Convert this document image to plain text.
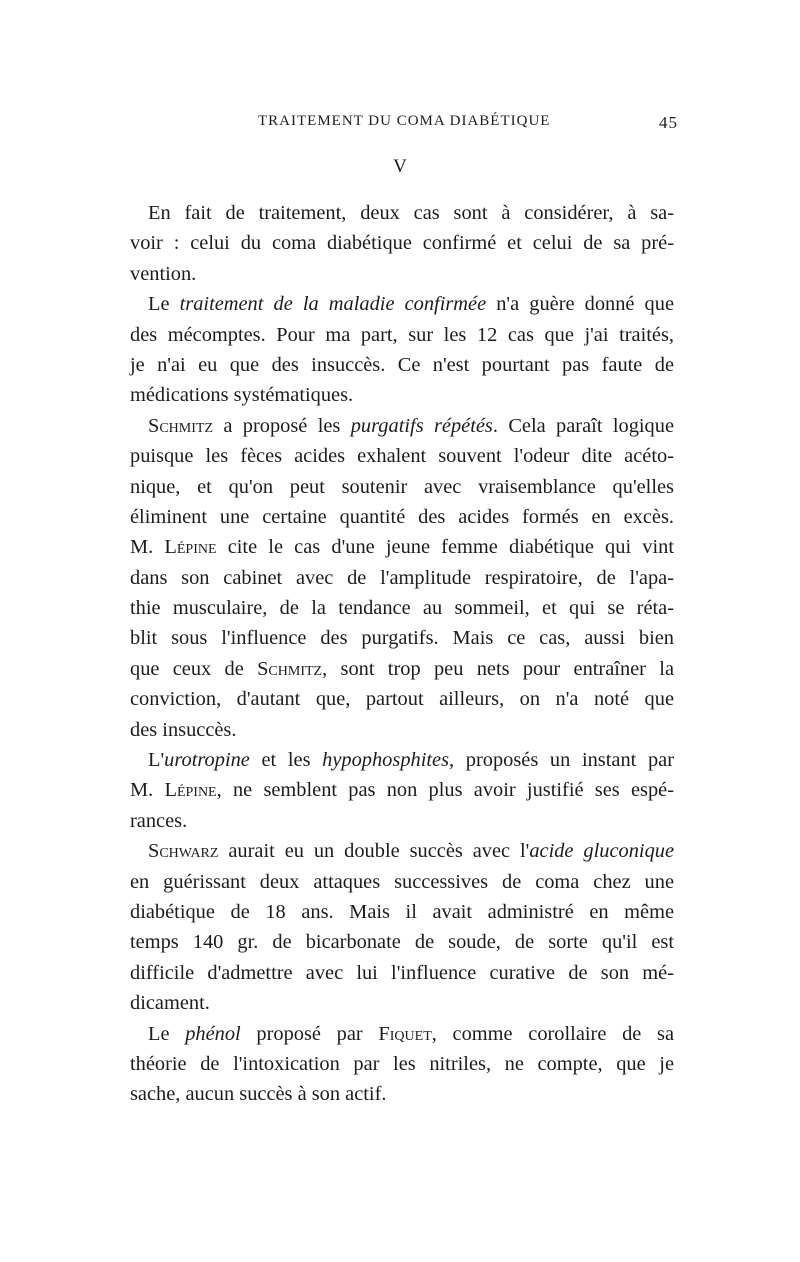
TRAITEMENT DU COMA DIABÉTIQUE	45
V
En fait de traitement, deux cas sont à considérer, à sa-
voir : celui du coma diabétique confirmé et celui de sa pré-
vention.
Le traitement de la maladie confirmée n'a guère donné que
des mécomptes. Pour ma part, sur les 12 cas que j'ai traités,
je n'ai eu que des insuccès. Ce n'est pourtant pas faute de
médications systématiques.
Schmitz a proposé les purgatifs répétés. Cela paraît logique
puisque les fèces acides exhalent souvent l'odeur dite acéto-
nique, et qu'on peut soutenir avec vraisemblance qu'elles
éliminent une certaine quantité des acides formés en excès.
M. Lépine cite le cas d'une jeune femme diabétique qui vint
dans son cabinet avec de l'amplitude respiratoire, de l'apa-
thie musculaire, de la tendance au sommeil, et qui se réta-
blit sous l'influence des purgatifs. Mais ce cas, aussi bien
que ceux de Schmitz, sont trop peu nets pour entraîner la
conviction, d'autant que, partout ailleurs, on n'a noté que
des insuccès.
L'urotropine et les hypophosphites, proposés un instant par
M. Lépine, ne semblent pas non plus avoir justifié ses espé-
rances.
Schwarz aurait eu un double succès avec l'acide gluconique
en guérissant deux attaques successives de coma chez une
diabétique de 18 ans. Mais il avait administré en même
temps 140 gr. de bicarbonate de soude, de sorte qu'il est
difficile d'admettre avec lui l'influence curative de son mé-
dicament.
Le phénol proposé par Fiquet, comme corollaire de sa
théorie de l'intoxication par les nitriles, ne compte, que je
sache, aucun succès à son actif.
